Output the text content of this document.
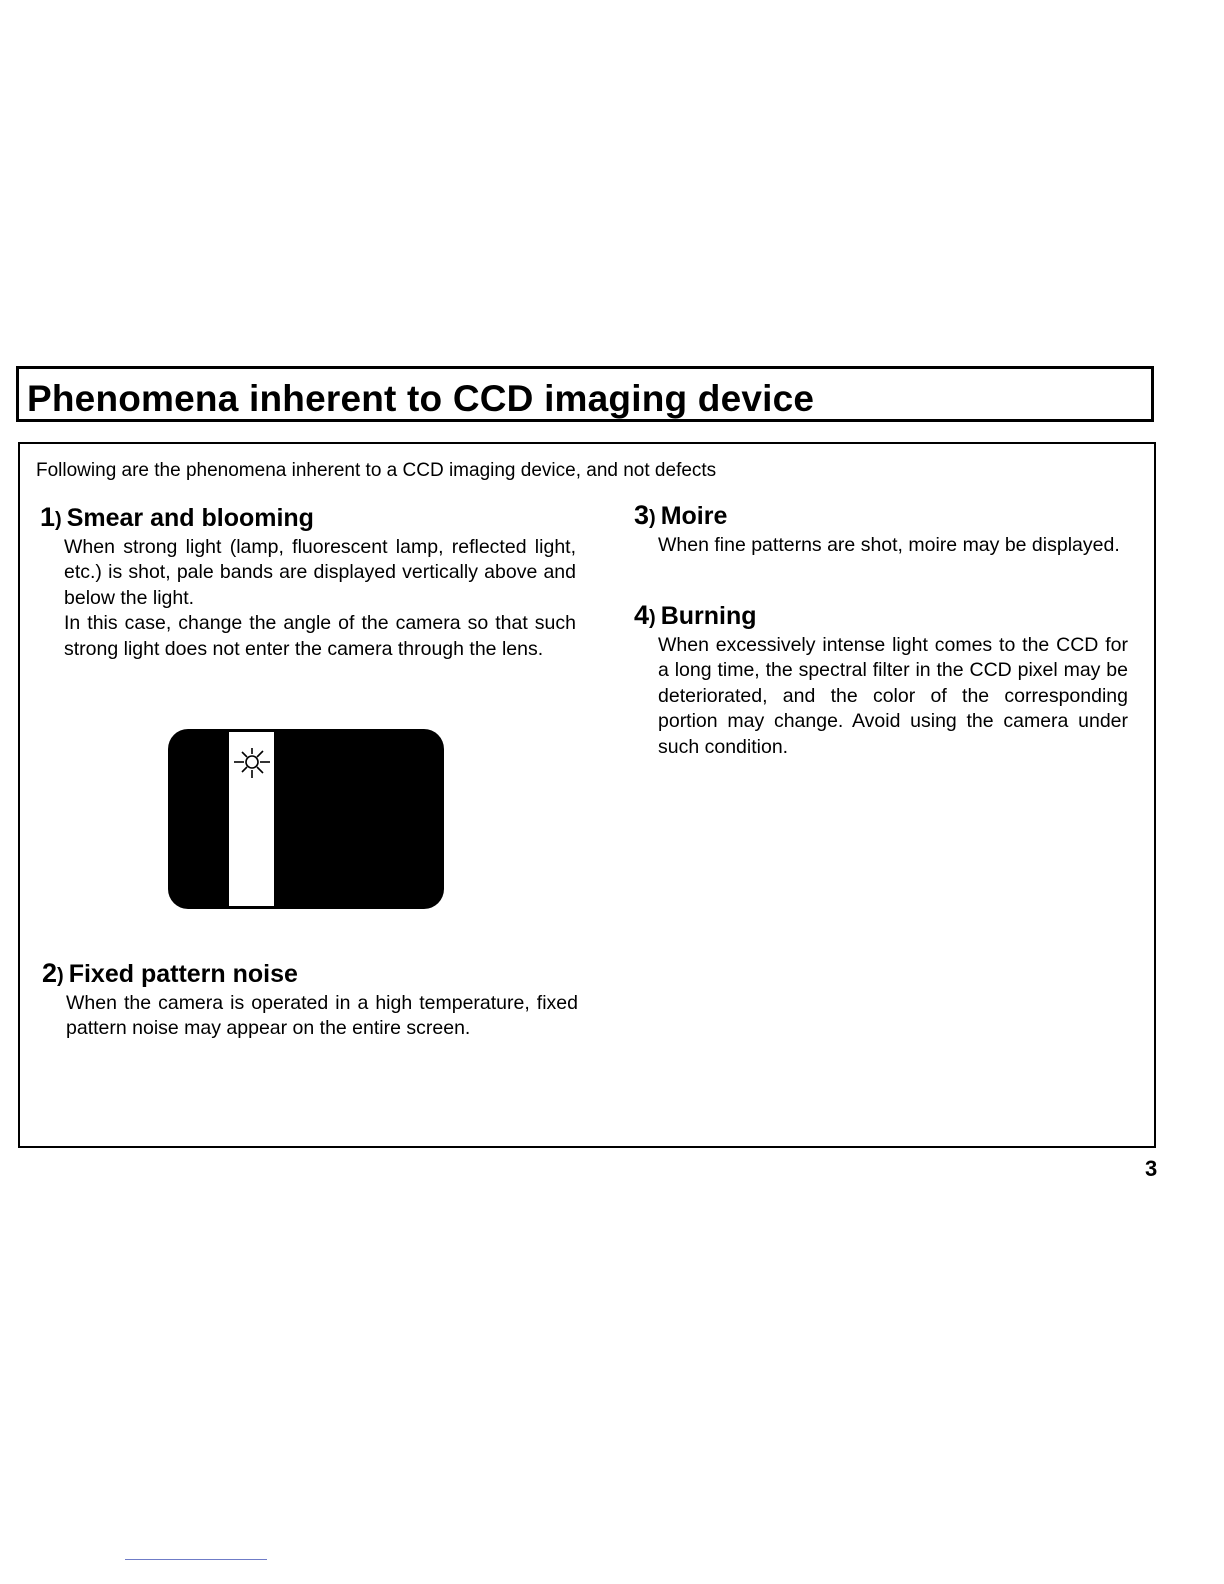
Phenomena inherent to CCD imaging device
Following are the phenomena inherent to a CCD imaging device, and not defects
1) Smear and blooming

When strong light (lamp, fluorescent lamp, reflected light, etc.) is shot, pale bands are displayed vertically above and below the light.

In this case, change the angle of the camera so that such strong light does not enter the camera through the lens.

2) Fixed pattern noise

When the camera is operated in a high temperature, fixed pattern noise may appear on the entire screen.

3) Moire

When fine patterns are shot, moire may be displayed.

4) Burning

When excessively intense light comes to the CCD for a long time, the spectral filter in the CCD pixel may be deteriorated, and the color of the corresponding portion may change. Avoid using the camera under such condition.

3
